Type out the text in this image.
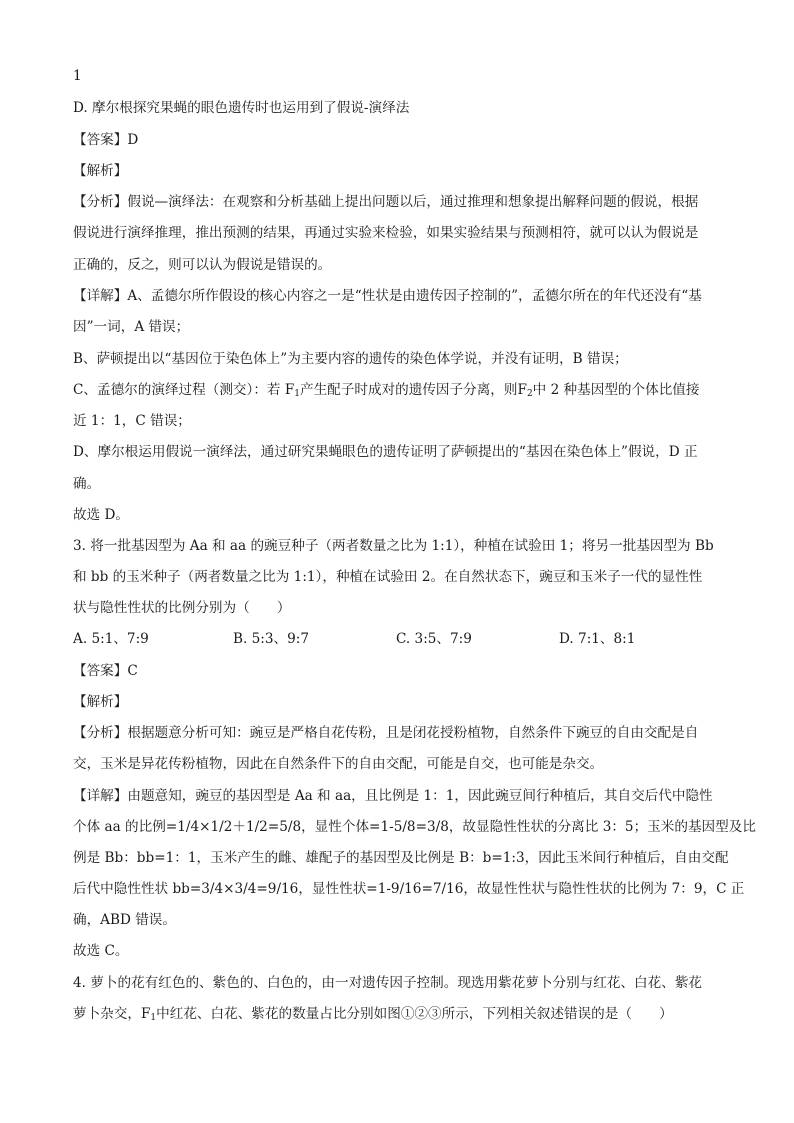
1
D. 摩尔根探究果蝇的眼色遗传时也运用到了假说-演绎法
【答案】D
【解析】
【分析】假说—演绎法：在观察和分析基础上提出问题以后，通过推理和想象提出解释问题的假说，根据
假说进行演绎推理，推出预测的结果，再通过实验来检验，如果实验结果与预测相符，就可以认为假说是
正确的，反之，则可以认为假说是错误的。
【详解】A、孟德尔所作假设的核心内容之一是“性状是由遗传因子控制的”，孟德尔所在的年代还没有“基
因”一词，A 错误；
B、萨顿提出以“基因位于染色体上”为主要内容的遗传的染色体学说，并没有证明，B 错误；
C、孟德尔的演绎过程（测交）：若 $F_1$产生配子时成对的遗传因子分离，则$F_2$中 2 种基因型的个体比值接
近 1：1，C 错误；
D、摩尔根运用假说一演绎法，通过研究果蝇眼色的遗传证明了萨顿提出的“基因在染色体上”假说，D 正
确。
故选 D。
3. 将一批基因型为 Aa 和 aa 的豌豆种子（两者数量之比为 1:1），种植在试验田 1；将另一批基因型为 Bb
和 bb 的玉米种子（两者数量之比为 1:1），种植在试验田 2。在自然状态下，豌豆和玉米子一代的显性性
状与隐性性状的比例分别为（　　）
A. 5:1、7:9	B. 5:3、9:7	C. 3:5、7:9	D. 7:1、8:1
【答案】C
【解析】
【分析】根据题意分析可知：豌豆是严格自花传粉，且是闭花授粉植物，自然条件下豌豆的自由交配是自
交，玉米是异花传粉植物，因此在自然条件下的自由交配，可能是自交，也可能是杂交。
【详解】由题意知，豌豆的基因型是 Aa 和 aa，且比例是 1：1，因此豌豆间行种植后，其自交后代中隐性
个体 aa 的比例=1/4×1/2＋1/2=5/8，显性个体=1-5/8=3/8，故显隐性性状的分离比 3：5；玉米的基因型及比
例是 Bb：bb=1：1，玉米产生的雌、雄配子的基因型及比例是 B：b=1:3，因此玉米间行种植后，自由交配
后代中隐性性状 bb=3/4×3/4=9/16，显性性状=1-9/16=7/16，故显性性状与隐性性状的比例为 7：9，C 正
确，ABD 错误。
故选 C。
4. 萝卜的花有红色的、紫色的、白色的，由一对遗传因子控制。现选用紫花萝卜分别与红花、白花、紫花
萝卜杂交，$F_1$中红花、白花、紫花的数量占比分别如图①②③所示，下列相关叙述错误的是（　　）
